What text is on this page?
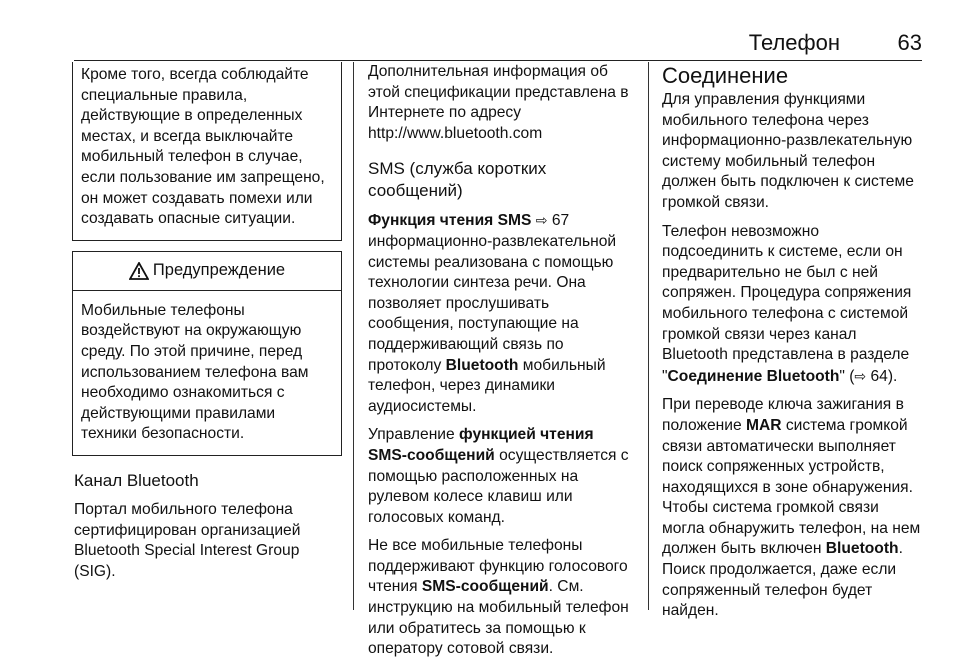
Телефон	63

Кроме того, всегда соблюдайте специальные правила, действующие в определенных местах, и всегда выключайте мобильный телефон в случае, если пользование им запрещено, он может создавать помехи или создавать опасные ситуации.

Предупреждение

Мобильные телефоны воздействуют на окружающую среду. По этой причине, перед использованием телефона вам необходимо ознакомиться с действующими правилами техники безопасности.

Канал Bluetooth

Портал мобильного телефона сертифицирован организацией Bluetooth Special Interest Group (SIG).

Дополнительная информация об этой спецификации представлена в Интернете по адресу
http://www.bluetooth.com

SMS (служба коротких сообщений)

Функция чтения SMS ⇨ 67 информационно-развлекательной системы реализована с помощью технологии синтеза речи. Она позволяет прослушивать сообщения, поступающие на поддерживающий связь по протоколу Bluetooth мобильный телефон, через динамики аудиосистемы.

Управление функцией чтения SMS-сообщений осуществляется с помощью расположенных на рулевом колесе клавиш или голосовых команд.

Не все мобильные телефоны поддерживают функцию голосового чтения SMS-сообщений. См. инструкцию на мобильный телефон или обратитесь за помощью к оператору сотовой связи.

Соединение

Для управления функциями мобильного телефона через информационно-развлекательную систему мобильный телефон должен быть подключен к системе громкой связи.

Телефон невозможно подсоединить к системе, если он предварительно не был с ней сопряжен. Процедура сопряжения мобильного телефона с системой громкой связи через канал Bluetooth представлена в разделе "Соединение Bluetooth" (⇨ 64).

При переводе ключа зажигания в положение MAR система громкой связи автоматически выполняет поиск сопряженных устройств, находящихся в зоне обнаружения. Чтобы система громкой связи могла обнаружить телефон, на нем должен быть включен Bluetooth. Поиск продолжается, даже если сопряженный телефон будет найден.
